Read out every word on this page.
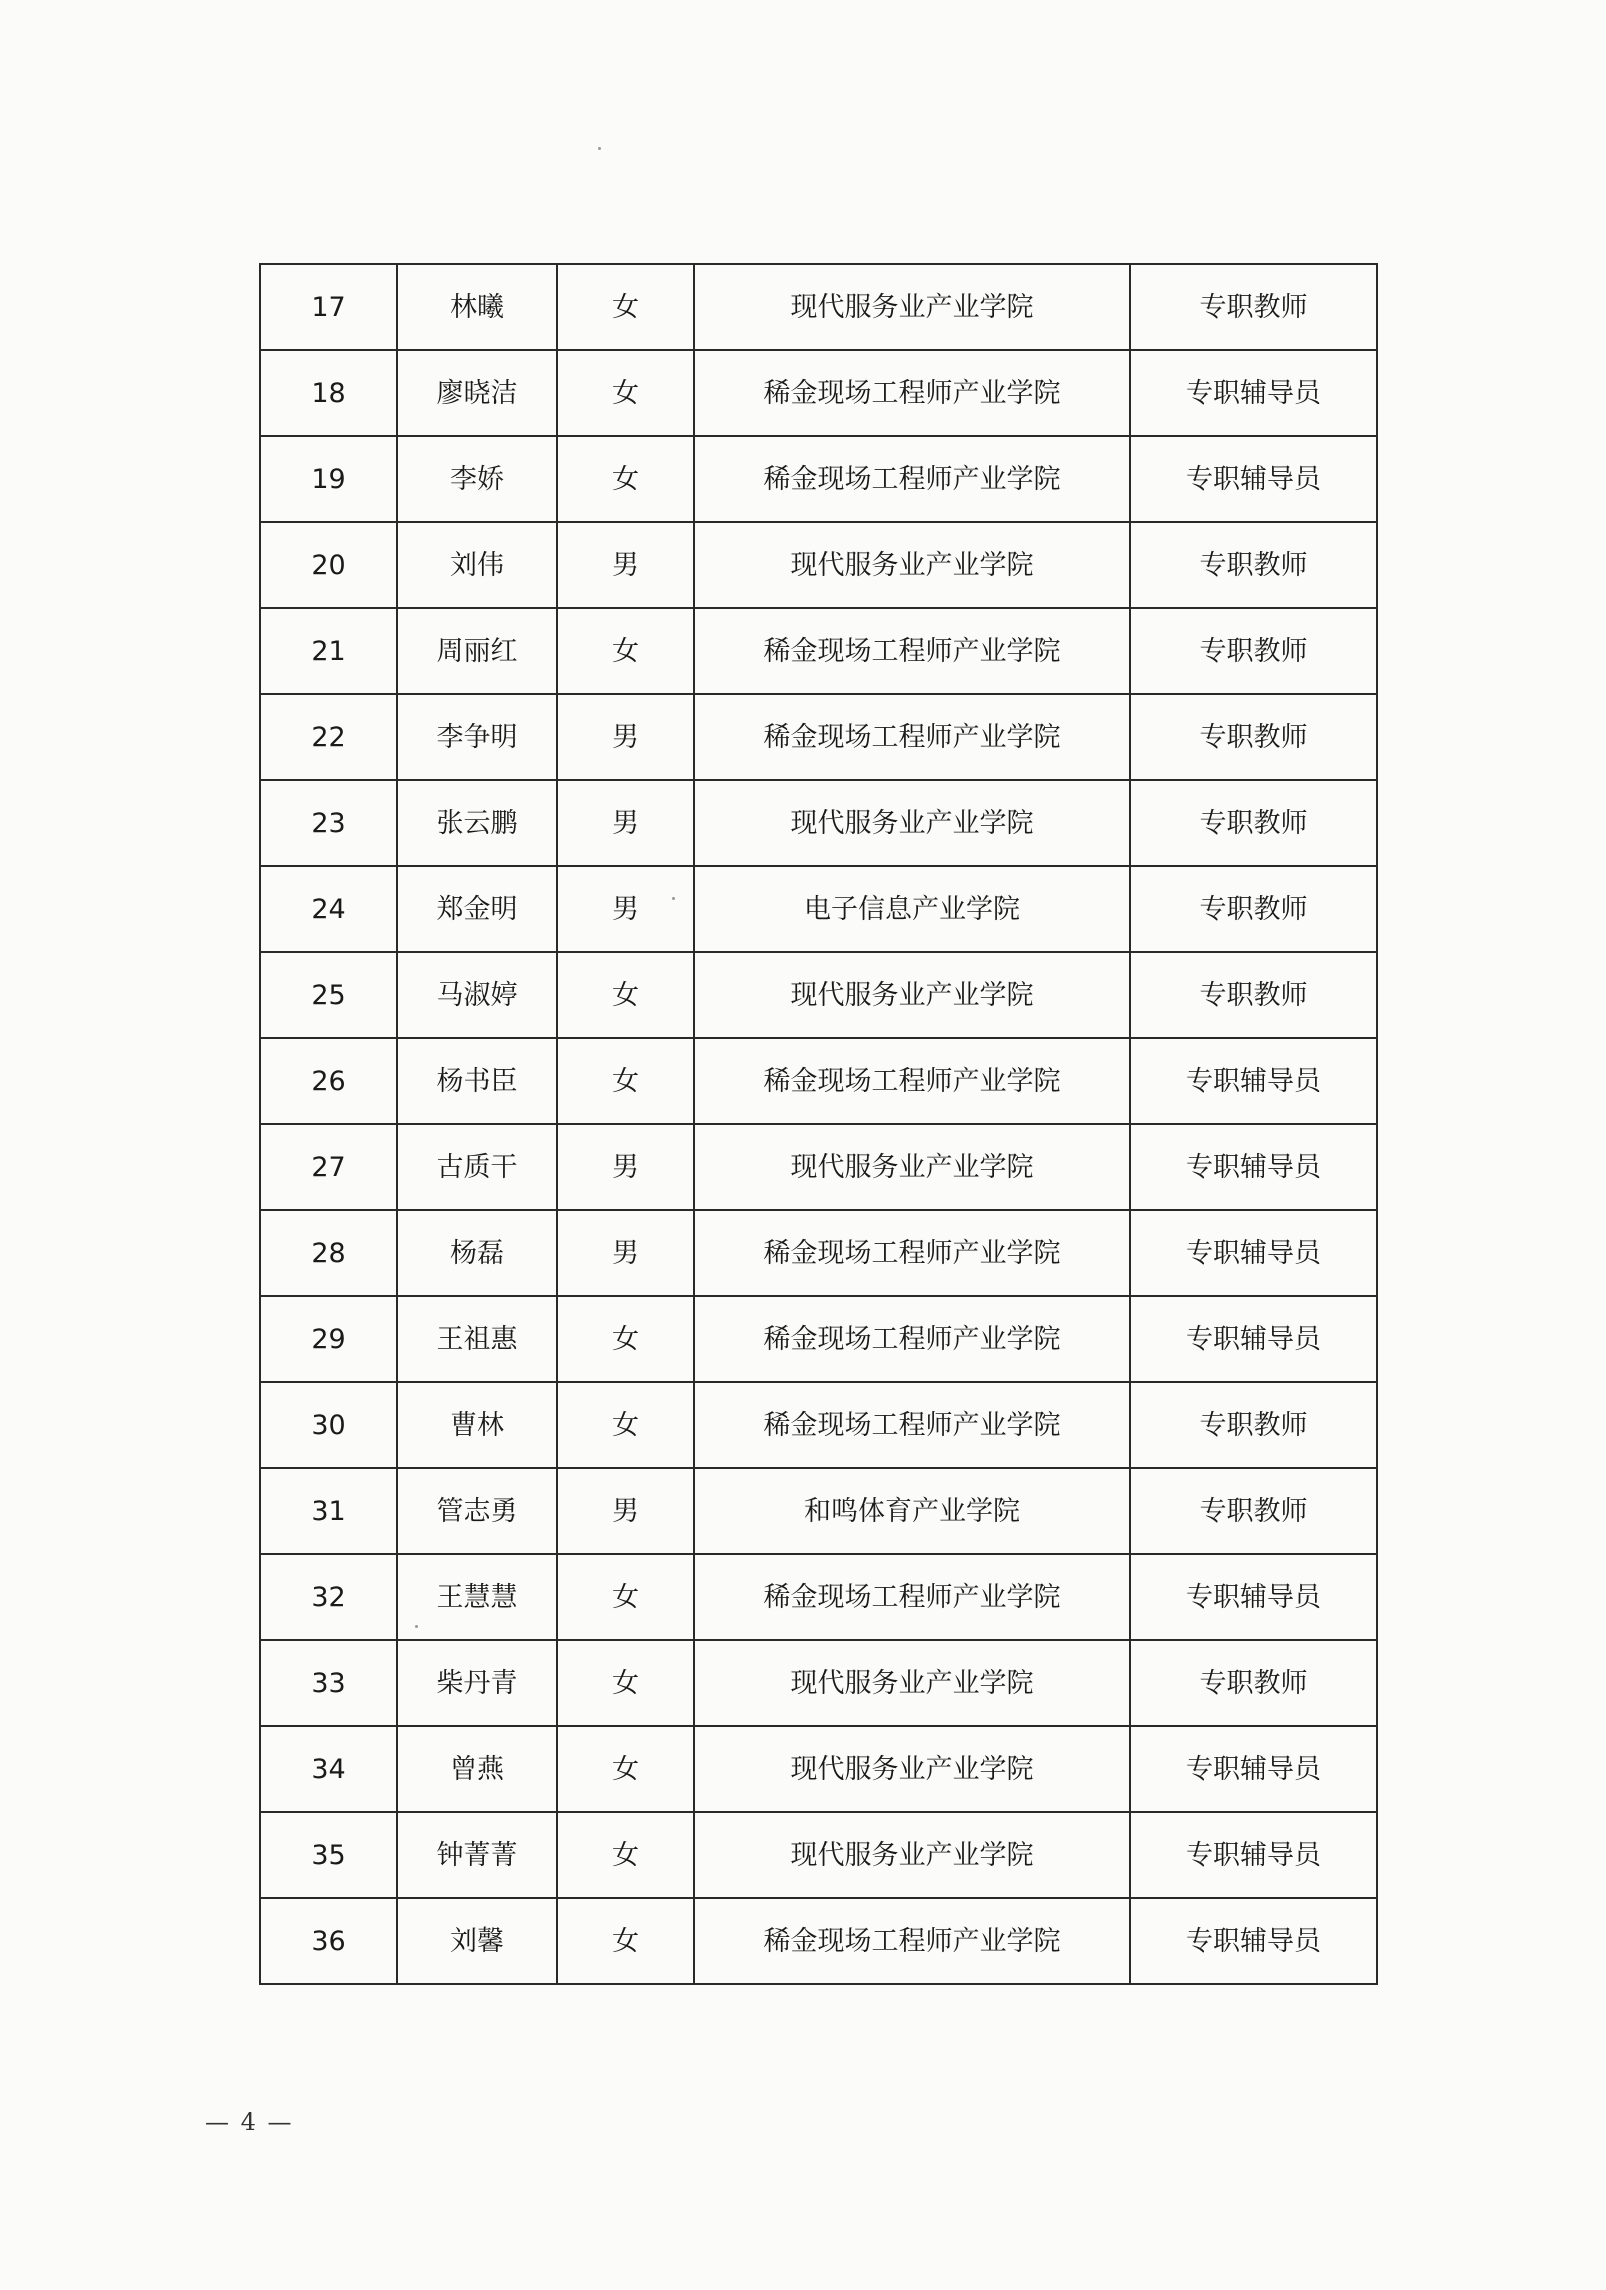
17	林曦	女	现代服务业产业学院	专职教师
18	廖晓洁	女	稀金现场工程师产业学院	专职辅导员
19	李娇	女	稀金现场工程师产业学院	专职辅导员
20	刘伟	男	现代服务业产业学院	专职教师
21	周丽红	女	稀金现场工程师产业学院	专职教师
22	李争明	男	稀金现场工程师产业学院	专职教师
23	张云鹏	男	现代服务业产业学院	专职教师
24	郑金明	男	电子信息产业学院	专职教师
25	马淑婷	女	现代服务业产业学院	专职教师
26	杨书臣	女	稀金现场工程师产业学院	专职辅导员
27	古质干	男	现代服务业产业学院	专职辅导员
28	杨磊	男	稀金现场工程师产业学院	专职辅导员
29	王祖惠	女	稀金现场工程师产业学院	专职辅导员
30	曹林	女	稀金现场工程师产业学院	专职教师
31	管志勇	男	和鸣体育产业学院	专职教师
32	王慧慧	女	稀金现场工程师产业学院	专职辅导员
33	柴丹青	女	现代服务业产业学院	专职教师
34	曾燕	女	现代服务业产业学院	专职辅导员
35	钟菁菁	女	现代服务业产业学院	专职辅导员
36	刘馨	女	稀金现场工程师产业学院	专职辅导员
— 4 —
